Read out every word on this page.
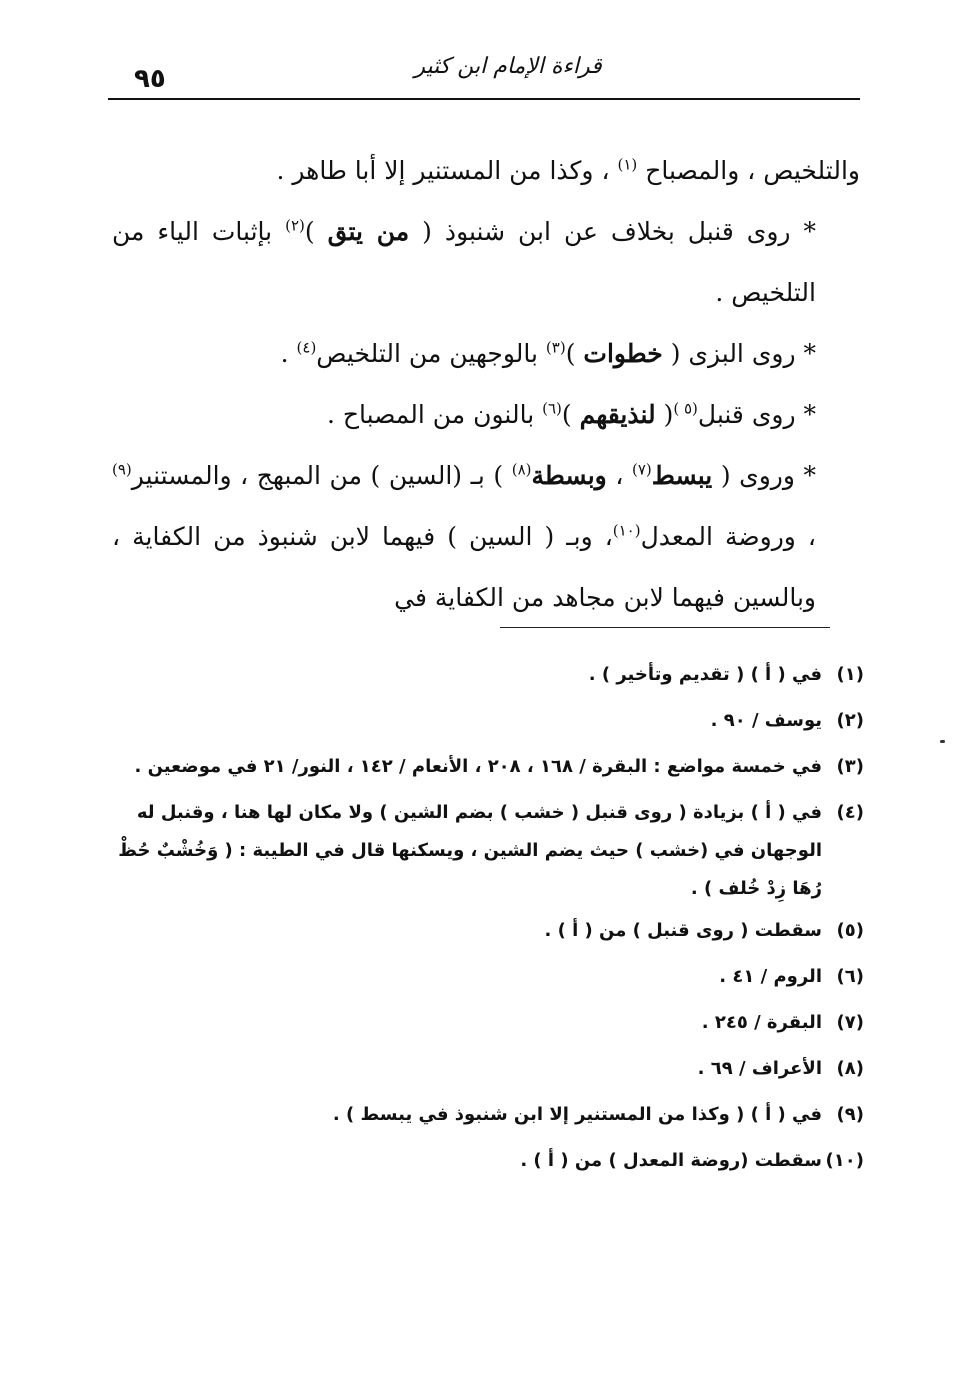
قراءة الإمام ابن كثير
٩٥

والتلخيص ، والمصباح $^{(١)}$ ، وكذا من المستنير إلا أبا طاهر .

* روى قنبل بخلاف عن ابن شنبوذ ( من يتق )$^{(٢)}$ بإثبات الياء من التلخيص .

* روى البزى ( خطوات )$^{(٣)}$ بالوجهين من التلخيص$^{(٤)}$ .

* روى قنبل$^{(٥ )}$( لنذيقهم )$^{(٦)}$ بالنون من المصباح .

* وروى ( يبسط$^{(٧)}$ ، وبسطة$^{(٨)}$ ) بـ (السين ) من المبهج ، والمستنير$^{(٩)}$ ، وروضة المعدل$^{(١٠)}$، وبـ ( السين ) فيهما لابن شنبوذ من الكفاية ، وبالسين فيهما لابن مجاهد من الكفاية في

(١)
في ( أ ) ( تقديم وتأخير ) .
(٢)
يوسف / ٩٠ .
(٣)
في خمسة مواضع : البقرة / ١٦٨ ، ٢٠٨ ، الأنعام / ١٤٢ ، النور/ ٢١ في موضعين .
(٤)
في ( أ ) بزيادة ( روى قنبل ( خشب ) بضم الشين ) ولا مكان لها هنا ، وقنبل له الوجهان في (خشب ) حيث يضم الشين ، ويسكنها قال في الطيبة : ( وَخُشْبٌ حُظْ رُهَا زِدْ خُلف ) .
(٥)
سقطت ( روى قنبل ) من ( أ ) .
(٦)
الروم / ٤١ .
(٧)
البقرة / ٢٤٥ .
(٨)
الأعراف / ٦٩ .
(٩)
في ( أ ) ( وكذا من المستنير إلا ابن شنبوذ في يبسط ) .
(١٠)
سقطت (روضة المعدل ) من ( أ ) .
